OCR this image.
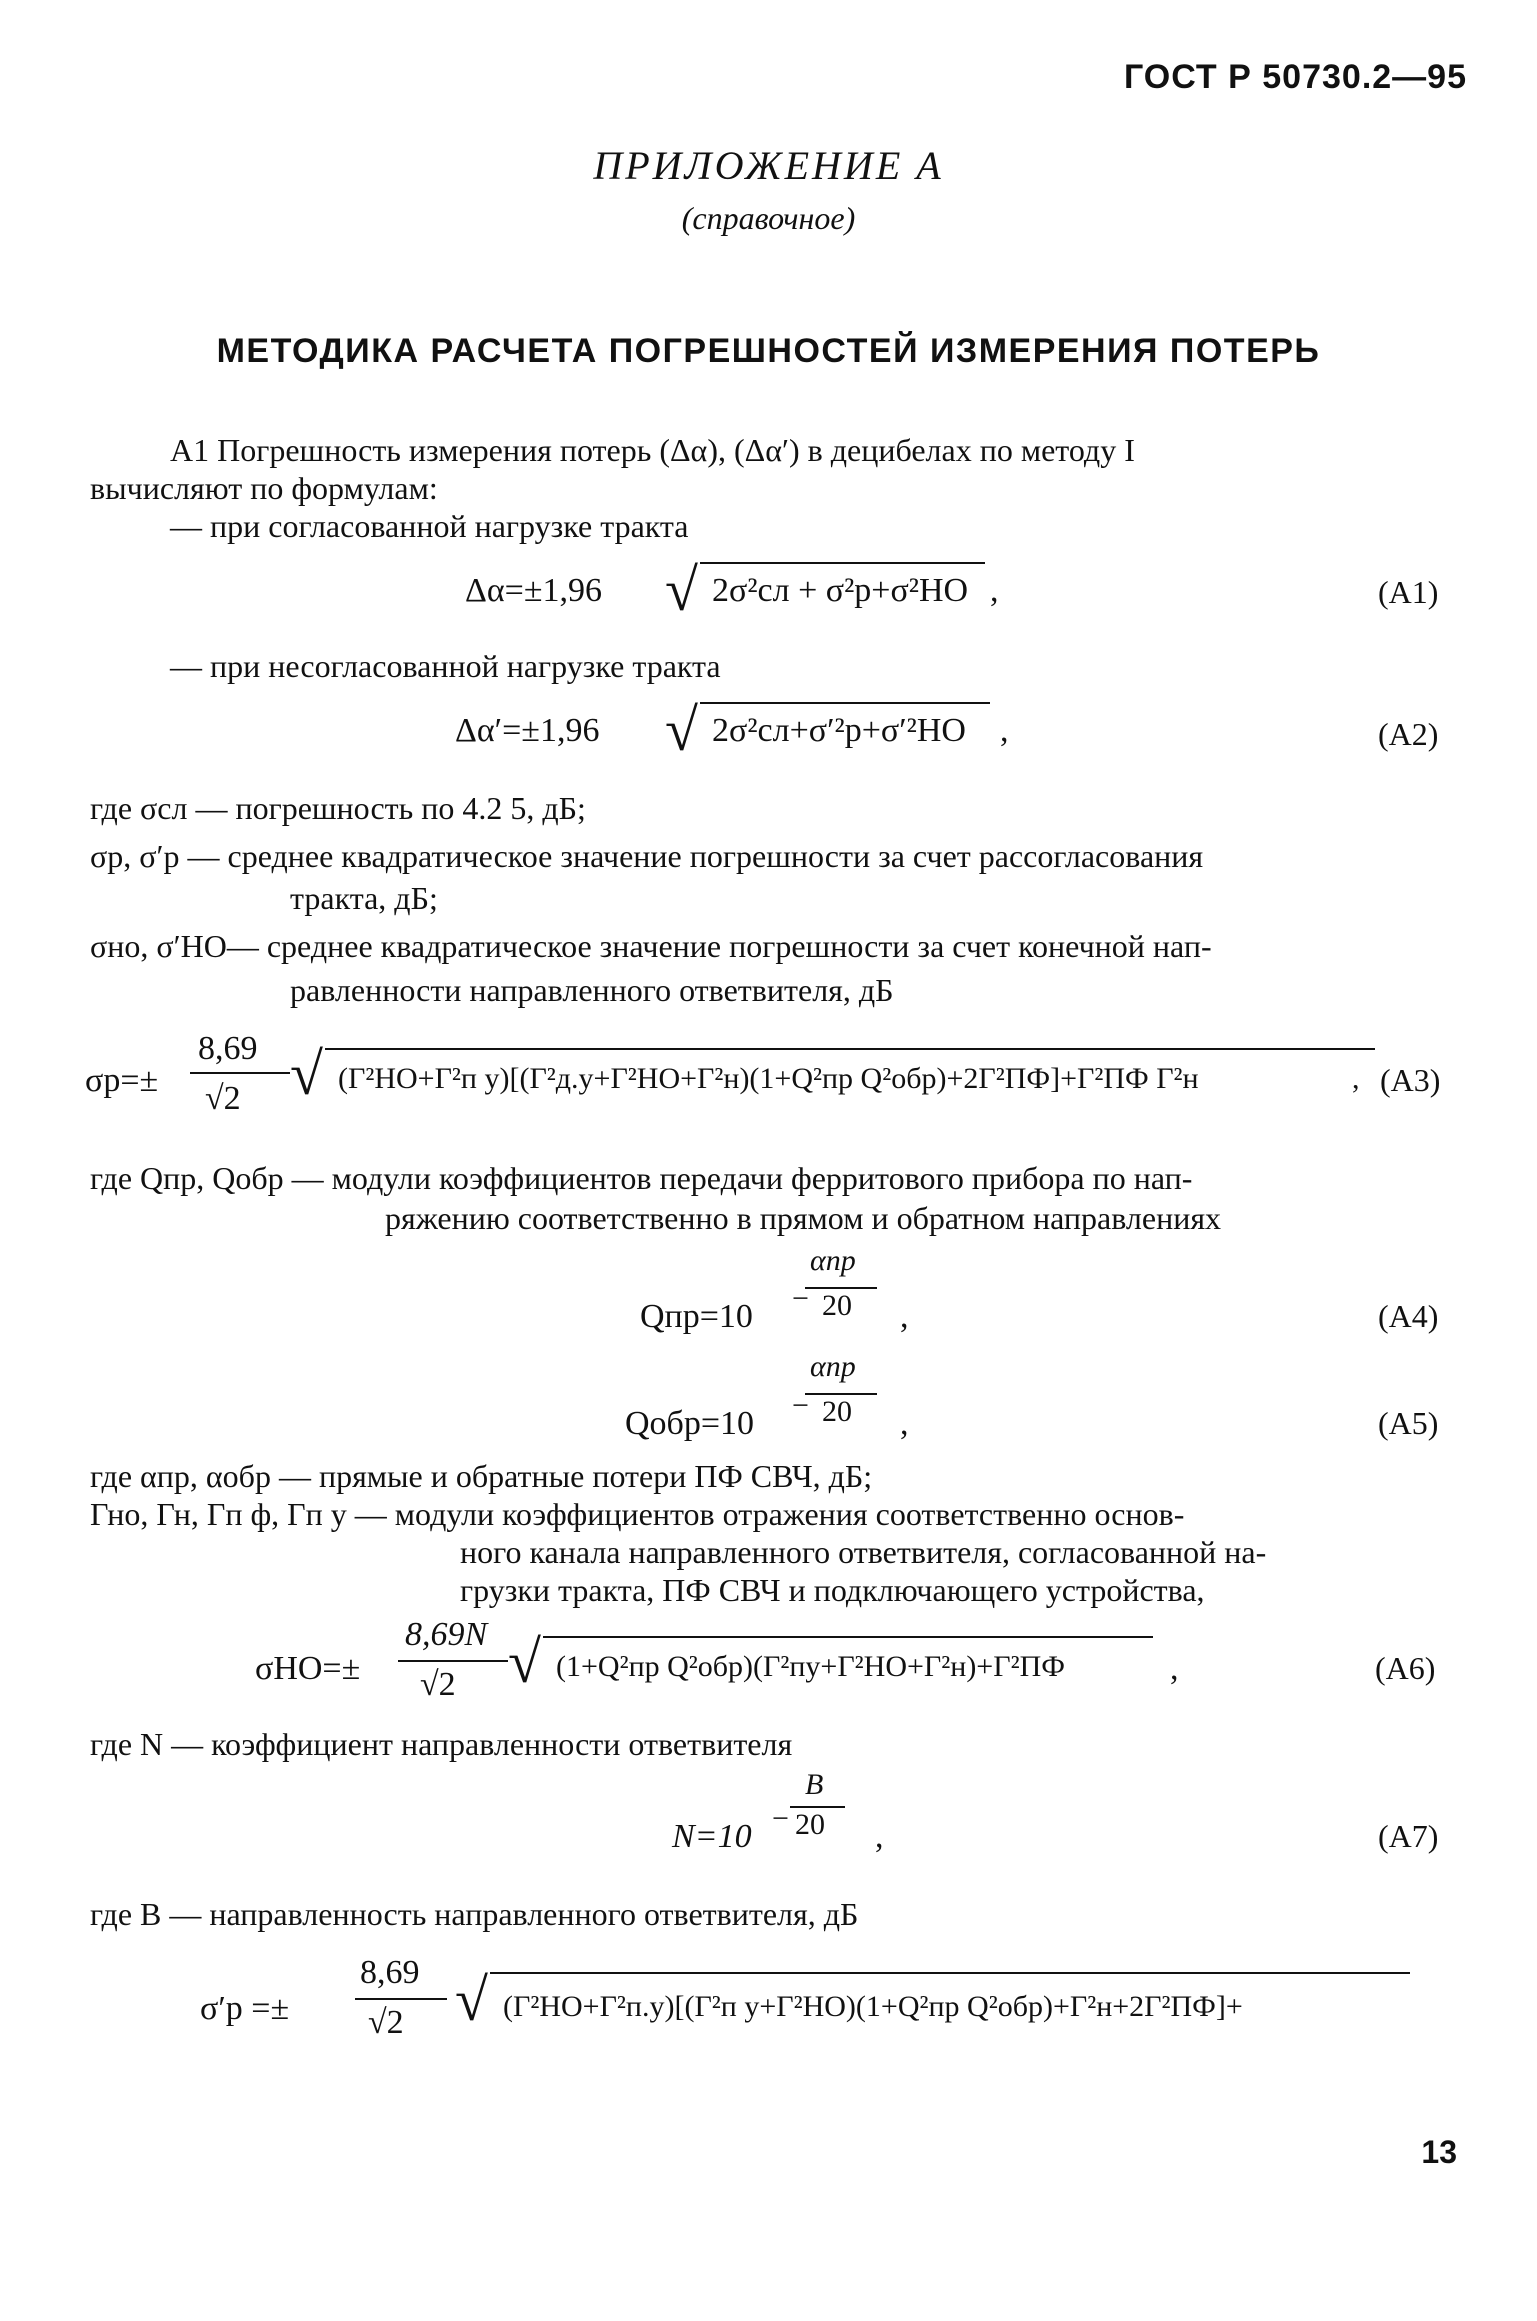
ГОСТ Р 50730.2—95
ПРИЛОЖЕНИЕ А
(справочное)
МЕТОДИКА РАСЧЕТА ПОГРЕШНОСТЕЙ ИЗМЕРЕНИЯ ПОТЕРЬ
А1 Погрешность измерения потерь (Δα), (Δα′) в децибелах по методу I
вычисляют по формулам:
— при согласованной нагрузке тракта
Δα=±1,96 √ 2σ²сл + σ²р+σ²НО ,	(А1)
— при несогласованной нагрузке тракта
Δα′=±1,96 √ 2σ²сл+σ′²р+σ′²НО ,	(А2)
где σсл — погрешность по 4.2 5, дБ;
σр, σ′р — среднее квадратическое значение погрешности за счет рассогласования
тракта, дБ;
σно, σ′НО— среднее квадратическое значение погрешности за счет конечной нап-
равленности направленного ответвителя, дБ
σр=±
8,69
√2 √ (Г²НО+Г²п у)[(Г²д.у+Г²НО+Г²н)(1+Q²пр Q²обр)+2Г²ПФ]+Г²ПФ Г²н	, (А3)
где Qпр, Qобр — модули коэффициентов передачи ферритового прибора по нап-
ряжению соответственно в прямом и обратном направлениях
Qпр=10 −
αпр
20 ,	(А4)
Qобр=10 −
αпр
20 ,	(А5)
где αпр, αобр — прямые и обратные потери ПФ СВЧ, дБ;
Гно, Гн, Гп ф, Гп у — модули коэффициентов отражения соответственно основ-
ного канала направленного ответвителя, согласованной на-
грузки тракта, ПФ СВЧ и подключающего устройства,
σНО=±
8,69N
√2 √ (1+Q²пр Q²обр)(Г²пу+Г²НО+Г²н)+Г²ПФ	,	(А6)
где N — коэффициент направленности ответвителя
N=10 −
B
20 ,	(А7)
где B — направленность направленного ответвителя, дБ
σ′р =±
8,69
√2 √ (Г²НО+Г²п.у)[(Г²п у+Г²НО)(1+Q²пр Q²обр)+Г²н+2Г²ПФ]+
13
